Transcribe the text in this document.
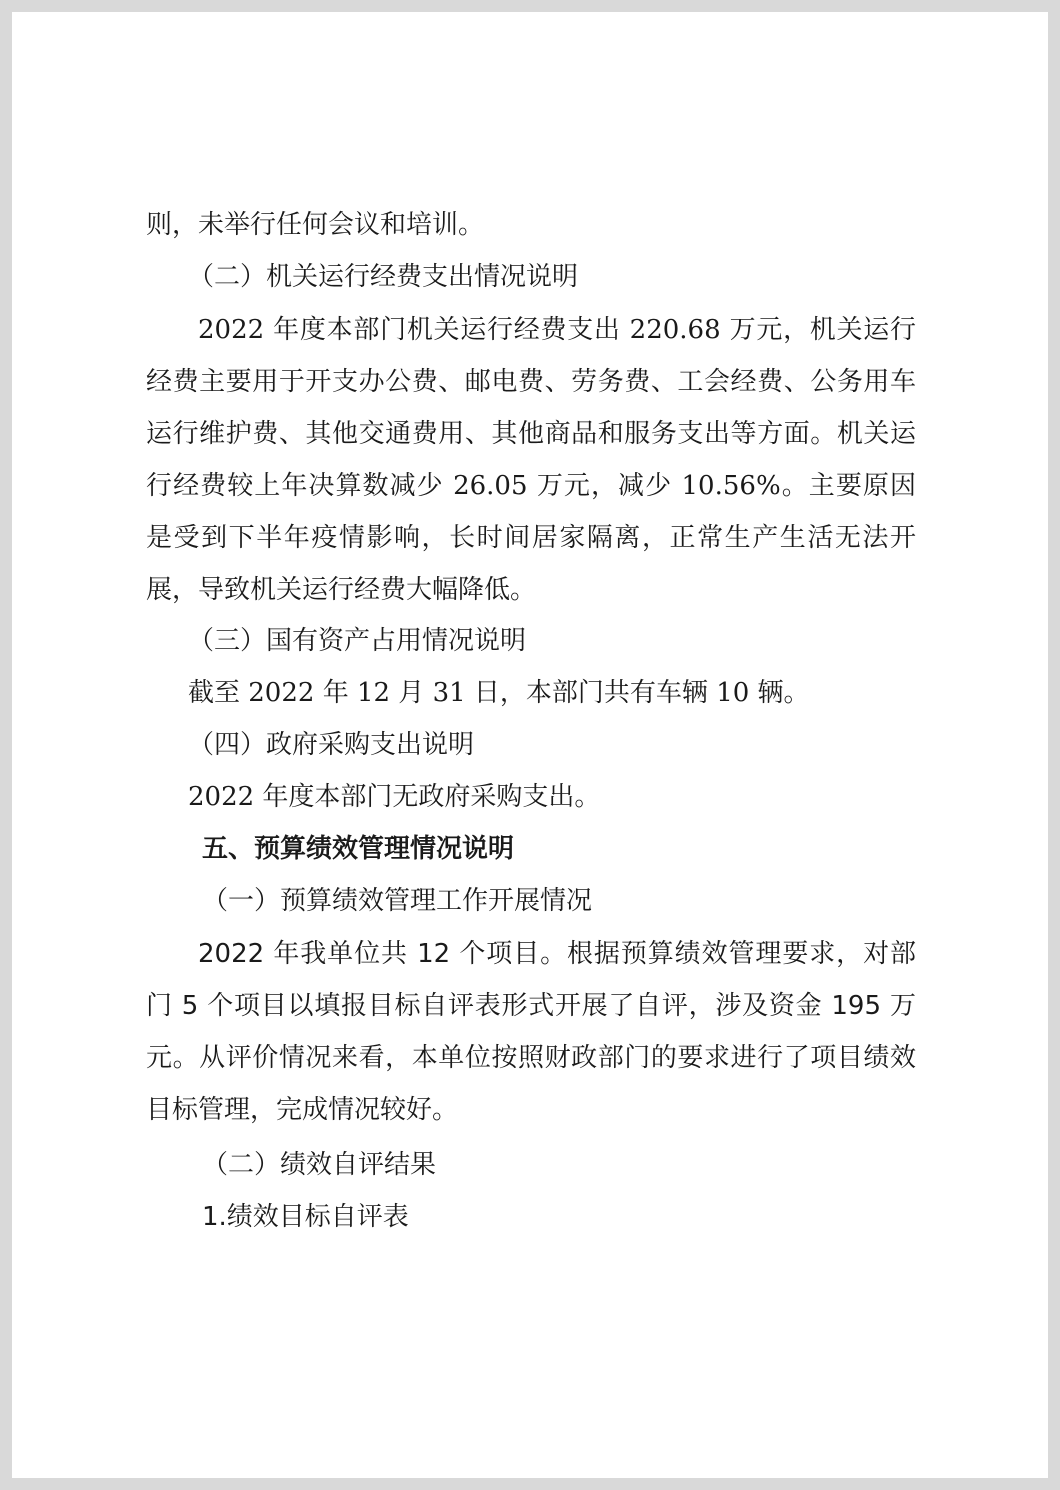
则，未举行任何会议和培训。
（二）机关运行经费支出情况说明

2022 年度本部门机关运行经费支出 220.68 万元，机关运行经费主要用于开支办公费、邮电费、劳务费、工会经费、公务用车运行维护费、其他交通费用、其他商品和服务支出等方面。机关运行经费较上年决算数减少 26.05 万元，减少 10.56%。主要原因是受到下半年疫情影响，长时间居家隔离，正常生产生活无法开展，导致机关运行经费大幅降低。

（三）国有资产占用情况说明
截至 2022 年 12 月 31 日，本部门共有车辆 10 辆。
（四）政府采购支出说明
2022 年度本部门无政府采购支出。
五、预算绩效管理情况说明
（一）预算绩效管理工作开展情况

2022 年我单位共 12 个项目。根据预算绩效管理要求，对部门 5 个项目以填报目标自评表形式开展了自评，涉及资金 195 万元。从评价情况来看，本单位按照财政部门的要求进行了项目绩效目标管理，完成情况较好。

（二）绩效自评结果
1.绩效目标自评表
